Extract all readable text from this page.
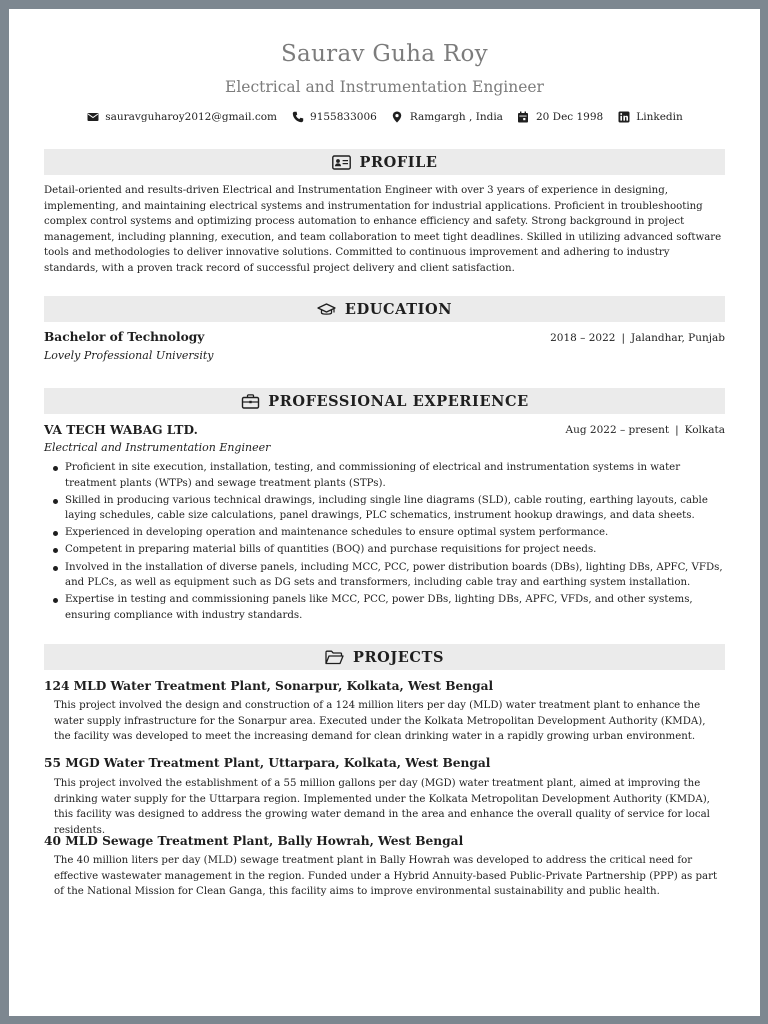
Saurav Guha Roy
Electrical and Instrumentation Engineer
sauravguharoy2012@gmail.com	9155833006	Ramgargh , India	20 Dec 1998	Linkedin
PROFILE
Detail-oriented and results-driven Electrical and Instrumentation Engineer with over 3 years of experience in designing, implementing, and maintaining electrical systems and instrumentation for industrial applications. Proficient in troubleshooting complex control systems and optimizing process automation to enhance efficiency and safety. Strong background in project management, including planning, execution, and team collaboration to meet tight deadlines. Skilled in utilizing advanced software tools and methodologies to deliver innovative solutions. Committed to continuous improvement and adhering to industry standards, with a proven track record of successful project delivery and client satisfaction.
EDUCATION
Bachelor of Technology	2018 – 2022 | Jalandhar, Punjab
Lovely Professional University
PROFESSIONAL EXPERIENCE
VA TECH WABAG LTD.	Aug 2022 – present | Kolkata
Electrical and Instrumentation Engineer
Proficient in site execution, installation, testing, and commissioning of electrical and instrumentation systems in water treatment plants (WTPs) and sewage treatment plants (STPs).
Skilled in producing various technical drawings, including single line diagrams (SLD), cable routing, earthing layouts, cable laying schedules, cable size calculations, panel drawings, PLC schematics, instrument hookup drawings, and data sheets.
Experienced in developing operation and maintenance schedules to ensure optimal system performance.
Competent in preparing material bills of quantities (BOQ) and purchase requisitions for project needs.
Involved in the installation of diverse panels, including MCC, PCC, power distribution boards (DBs), lighting DBs, APFC, VFDs, and PLCs, as well as equipment such as DG sets and transformers, including cable tray and earthing system installation.
Expertise in testing and commissioning panels like MCC, PCC, power DBs, lighting DBs, APFC, VFDs, and other systems, ensuring compliance with industry standards.
PROJECTS
124 MLD Water Treatment Plant, Sonarpur, Kolkata, West Bengal
This project involved the design and construction of a 124 million liters per day (MLD) water treatment plant to enhance the water supply infrastructure for the Sonarpur area. Executed under the Kolkata Metropolitan Development Authority (KMDA), the facility was developed to meet the increasing demand for clean drinking water in a rapidly growing urban environment.
55 MGD Water Treatment Plant, Uttarpara, Kolkata, West Bengal
This project involved the establishment of a 55 million gallons per day (MGD) water treatment plant, aimed at improving the drinking water supply for the Uttarpara region. Implemented under the Kolkata Metropolitan Development Authority (KMDA), this facility was designed to address the growing water demand in the area and enhance the overall quality of service for local residents.
40 MLD Sewage Treatment Plant, Bally Howrah, West Bengal
The 40 million liters per day (MLD) sewage treatment plant in Bally Howrah was developed to address the critical need for effective wastewater management in the region. Funded under a Hybrid Annuity-based Public-Private Partnership (PPP) as part of the National Mission for Clean Ganga, this facility aims to improve environmental sustainability and public health.
